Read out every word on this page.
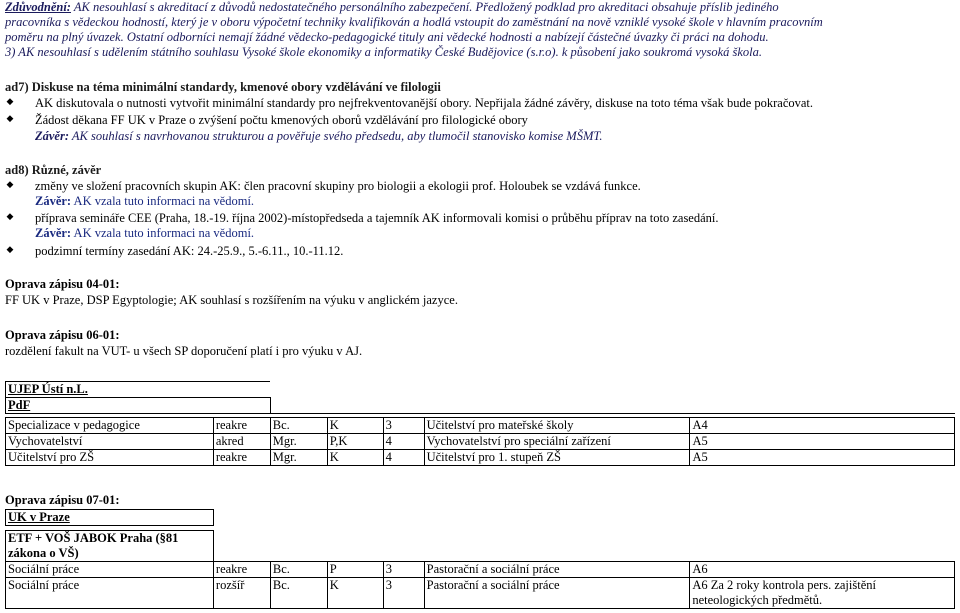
Zdůvodnění: AK nesouhlasí s akreditací z důvodů nedostatečného personálního zabezpečení. Předložený podklad pro akreditaci obsahuje příslib jediného
pracovníka s vědeckou hodností, který je v oboru výpočetní techniky kvalifikován a hodlá vstoupit do zaměstnání na nově vzniklé vysoké škole v hlavním pracovním
poměru na plný úvazek. Ostatní odborníci nemají žádné vědecko-pedagogické tituly ani vědecké hodnosti a nabízejí částečné úvazky či práci na dohodu.
3) AK nesouhlasí s udělením státního souhlasu Vysoké škole ekonomiky a informatiky České Budějovice (s.r.o). k působení jako soukromá vysoká škola.
ad7) Diskuse na téma minimální standardy, kmenové obory vzdělávání ve filologii
◆ AK diskutovala o nutnosti vytvořit minimální standardy pro nejfrekventovanější obory. Nepřijala žádné závěry, diskuse na toto téma však bude pokračovat.
◆ Žádost děkana FF UK v Praze o zvýšení počtu kmenových oborů vzdělávání pro filologické obory
Závěr: AK souhlasí s navrhovanou strukturou a pověřuje svého předsedu, aby tlumočil stanovisko komise MŠMT.
ad8) Různé, závěr
◆ změny ve složení pracovních skupin AK: člen pracovní skupiny pro biologii a ekologii prof. Holoubek se vzdává funkce.
Závěr: AK vzala tuto informaci na vědomí.
◆ příprava semináře CEE (Praha, 18.-19. října 2002)-místopředseda a tajemník AK informovali komisi o průběhu příprav na toto zasedání.
Závěr: AK vzala tuto informaci na vědomí.
◆ podzimní termíny zasedání AK: 24.-25.9., 5.-6.11., 10.-11.12.
Oprava zápisu 04-01:
FF UK v Praze, DSP Egyptologie; AK souhlasí s rozšířením na výuku v anglickém jazyce.
Oprava zápisu 06-01:
rozdělení fakult na VUT- u všech SP doporučení platí i pro výuku v AJ.
UJEP Ústí n.L.						
PdF						

Specializace v pedagogice	reakre	Bc.	K	3	Učitelství pro mateřské školy	A4
Vychovatelství	akred	Mgr.	P,K	4	Vychovatelství pro speciální zařízení	A5
Učitelství pro ZŠ	reakre	Mgr.	K	4	Učitelství pro 1. stupeň ZŠ	A5
Oprava zápisu 07-01:
UK v Praze						

ETF + VOŠ JABOK Praha (§81
zákona o VŠ)						

Sociální práce	reakre	Bc.	P	3	Pastorační a sociální práce	A6
Sociální práce	rozšíř	Bc.	K	3	Pastorační a sociální práce	A6 Za 2 roky kontrola pers. zajištění
neteologických předmětů.
